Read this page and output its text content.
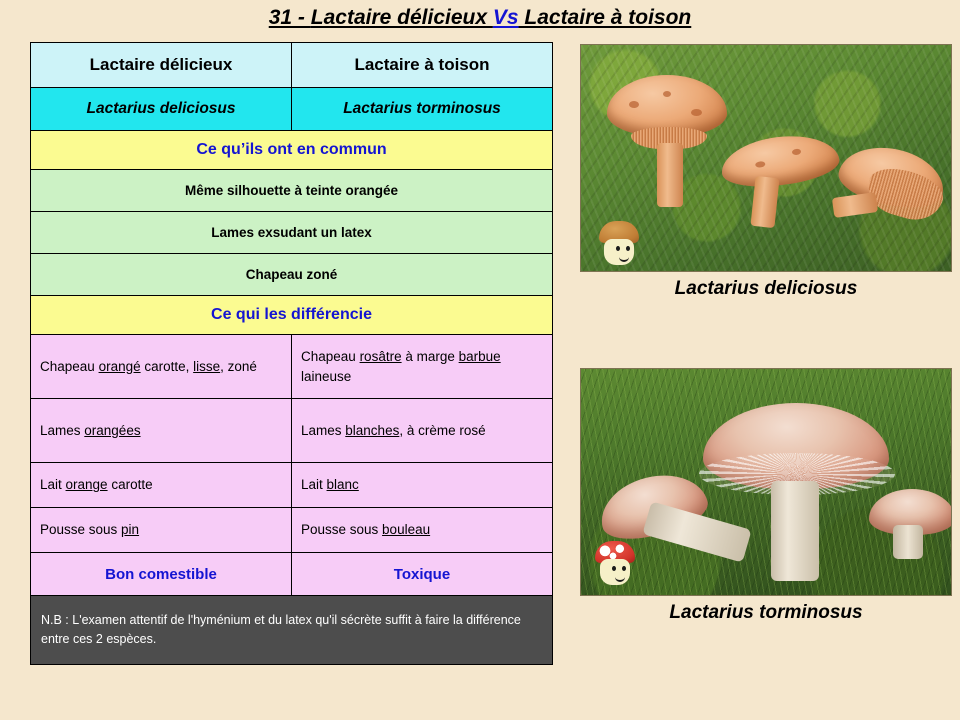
31 - Lactaire délicieux Vs Lactaire à toison
Lactaire délicieux	Lactaire à toison
Lactarius deliciosus	Lactarius torminosus
Ce qu’ils ont en commun	
Même silhouette à teinte orangée	
Lames exsudant un latex	
Chapeau zoné	
Ce qui les différencie	

Chapeau orangé carotte, lisse, zoné	Chapeau rosâtre à marge barbue laineuse

Lames orangées	Lames blanches, à crème rosé

Lait orange carotte	Lait blanc

Pousse sous pin	Pousse sous bouleau

Bon comestible	Toxique
N.B : L'examen attentif de l'hyménium et du latex qu'il sécrète suffit à faire la différence entre ces 2 espèces.	
Lactarius deliciosus
Lactarius torminosus
